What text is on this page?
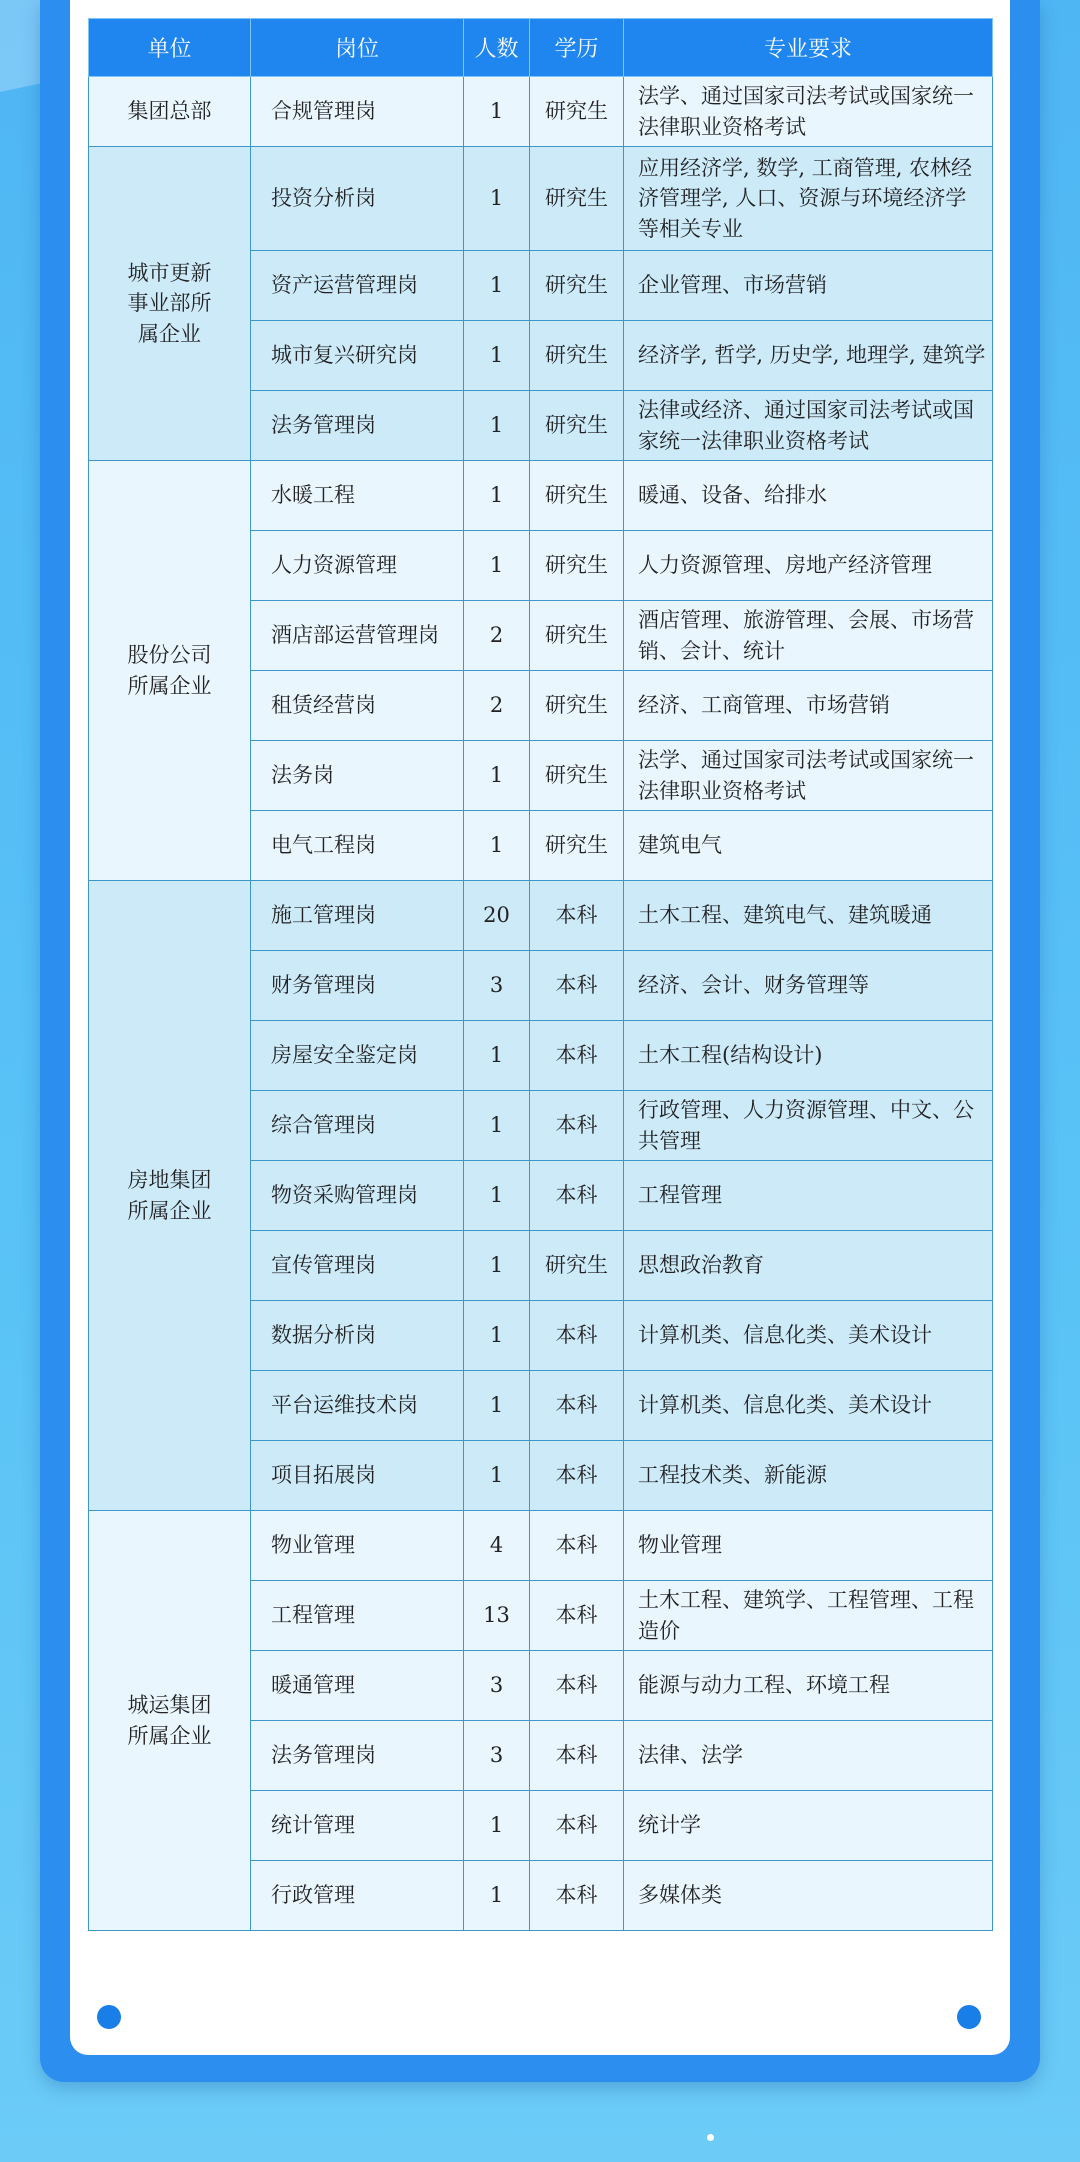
单位	岗位	人数	学历	专业要求

集团总部	合规管理岗	1	研究生	法学、通过国家司法考试或国家统一法律职业资格考试

城市更新
事业部所
属企业	投资分析岗	1	研究生	应用经济学, 数学, 工商管理, 农林经济管理学, 人口、资源与环境经济学等相关专业
	资产运营管理岗	1	研究生	企业管理、市场营销
	城市复兴研究岗	1	研究生	经济学, 哲学, 历史学, 地理学, 建筑学
	法务管理岗	1	研究生	法律或经济、通过国家司法考试或国家统一法律职业资格考试

股份公司
所属企业	水暖工程	1	研究生	暖通、设备、给排水
	人力资源管理	1	研究生	人力资源管理、房地产经济管理
	酒店部运营管理岗	2	研究生	酒店管理、旅游管理、会展、市场营销、会计、统计
	租赁经营岗	2	研究生	经济、工商管理、市场营销
	法务岗	1	研究生	法学、通过国家司法考试或国家统一法律职业资格考试
	电气工程岗	1	研究生	建筑电气

房地集团
所属企业	施工管理岗	20	本科	土木工程、建筑电气、建筑暖通
	财务管理岗	3	本科	经济、会计、财务管理等
	房屋安全鉴定岗	1	本科	土木工程(结构设计)
	综合管理岗	1	本科	行政管理、人力资源管理、中文、公共管理
	物资采购管理岗	1	本科	工程管理
	宣传管理岗	1	研究生	思想政治教育
	数据分析岗	1	本科	计算机类、信息化类、美术设计
	平台运维技术岗	1	本科	计算机类、信息化类、美术设计
	项目拓展岗	1	本科	工程技术类、新能源

城运集团
所属企业	物业管理	4	本科	物业管理
	工程管理	13	本科	土木工程、建筑学、工程管理、工程造价
	暖通管理	3	本科	能源与动力工程、环境工程
	法务管理岗	3	本科	法律、法学
	统计管理	1	本科	统计学
	行政管理	1	本科	多媒体类
